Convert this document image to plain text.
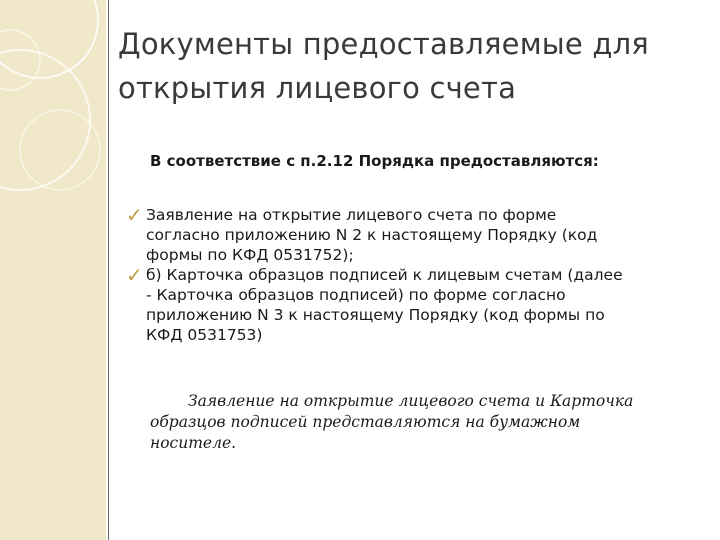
Документы предоставляемые для
открытия лицевого счета
В соответствие с п.2.12 Порядка предоставляются:
✓ Заявление на открытие лицевого счета по форме
согласно приложению N 2 к настоящему Порядку (код
формы по КФД 0531752);
✓ б) Карточка образцов подписей к лицевым счетам (далее
- Карточка образцов подписей) по форме согласно
приложению N 3 к настоящему Порядку (код формы по
КФД 0531753)
Заявление на открытие лицевого счета и Карточка
образцов подписей представляются на бумажном
носителе.
